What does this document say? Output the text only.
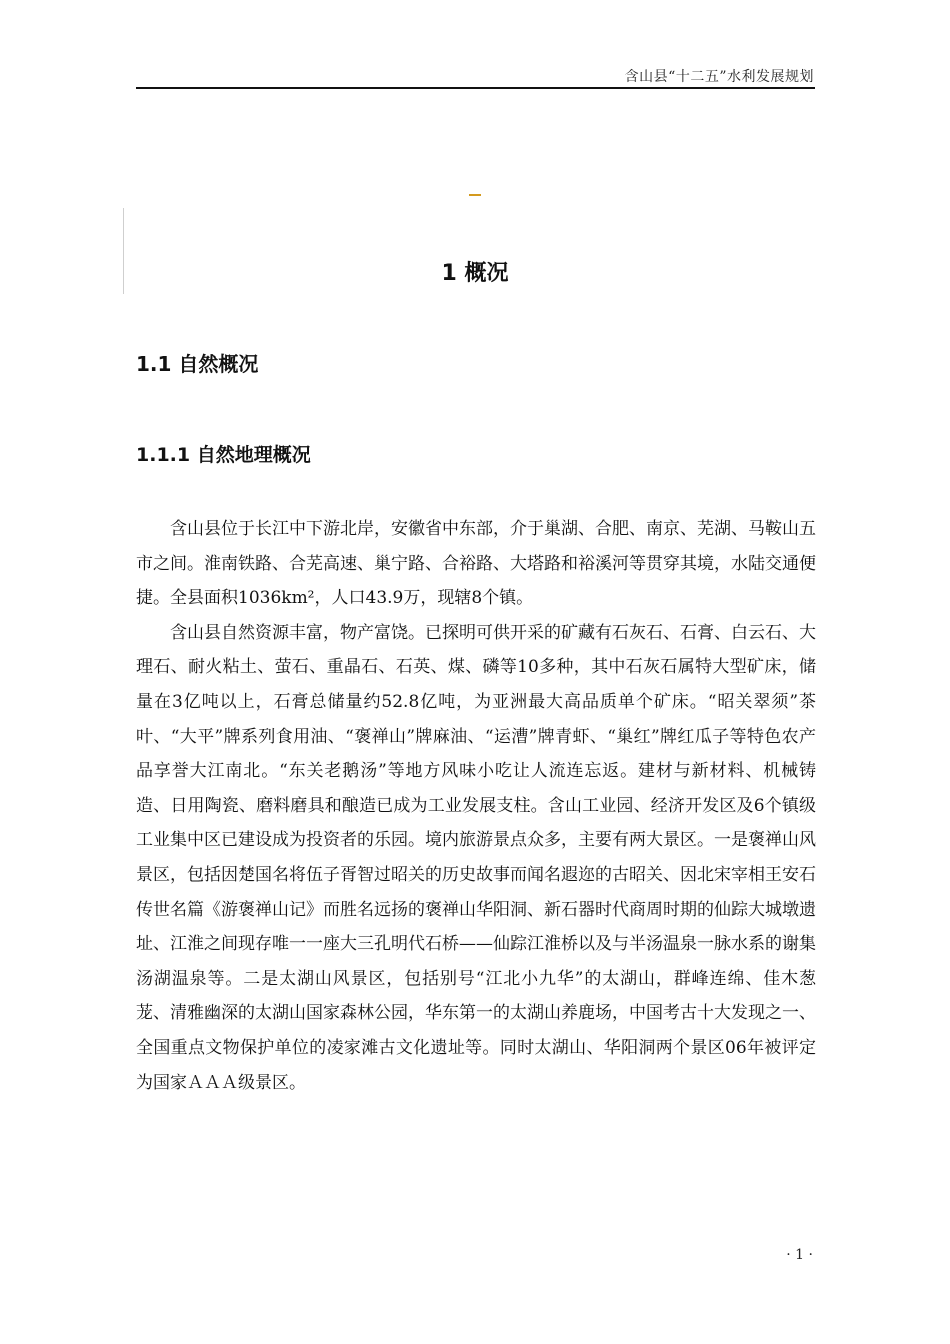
含山县“十二五”水利发展规划
1 概况
1.1 自然概况
1.1.1 自然地理概况

含山县位于长江中下游北岸，安徽省中东部，介于巢湖、合肥、南京、芜湖、马鞍山五市之间。淮南铁路、合芜高速、巢宁路、合裕路、大塔路和裕溪河等贯穿其境，水陆交通便捷。全县面积1036km²，人口43.9万，现辖8个镇。

含山县自然资源丰富，物产富饶。已探明可供开采的矿藏有石灰石、石膏、白云石、大理石、耐火粘土、萤石、重晶石、石英、煤、磷等10多种，其中石灰石属特大型矿床，储量在3亿吨以上，石膏总储量约52.8亿吨，为亚洲最大高品质单个矿床。“昭关翠须”茶叶、“大平”牌系列食用油、“褒禅山”牌麻油、“运漕”牌青虾、“巢红”牌红瓜子等特色农产品享誉大江南北。“东关老鹅汤”等地方风味小吃让人流连忘返。建材与新材料、机械铸造、日用陶瓷、磨料磨具和酿造已成为工业发展支柱。含山工业园、经济开发区及6个镇级工业集中区已建设成为投资者的乐园。境内旅游景点众多，主要有两大景区。一是褒禅山风景区，包括因楚国名将伍子胥智过昭关的历史故事而闻名遐迩的古昭关、因北宋宰相王安石传世名篇《游褒禅山记》而胜名远扬的褒禅山华阳洞、新石器时代商周时期的仙踪大城墩遗址、江淮之间现存唯一一座大三孔明代石桥——仙踪江淮桥以及与半汤温泉一脉水系的谢集汤湖温泉等。二是太湖山风景区，包括别号“江北小九华”的太湖山，群峰连绵、佳木葱茏、清雅幽深的太湖山国家森林公园，华东第一的太湖山养鹿场，中国考古十大发现之一、全国重点文物保护单位的凌家滩古文化遗址等。同时太湖山、华阳洞两个景区06年被评定为国家ＡＡＡ级景区。

· 1 ·
